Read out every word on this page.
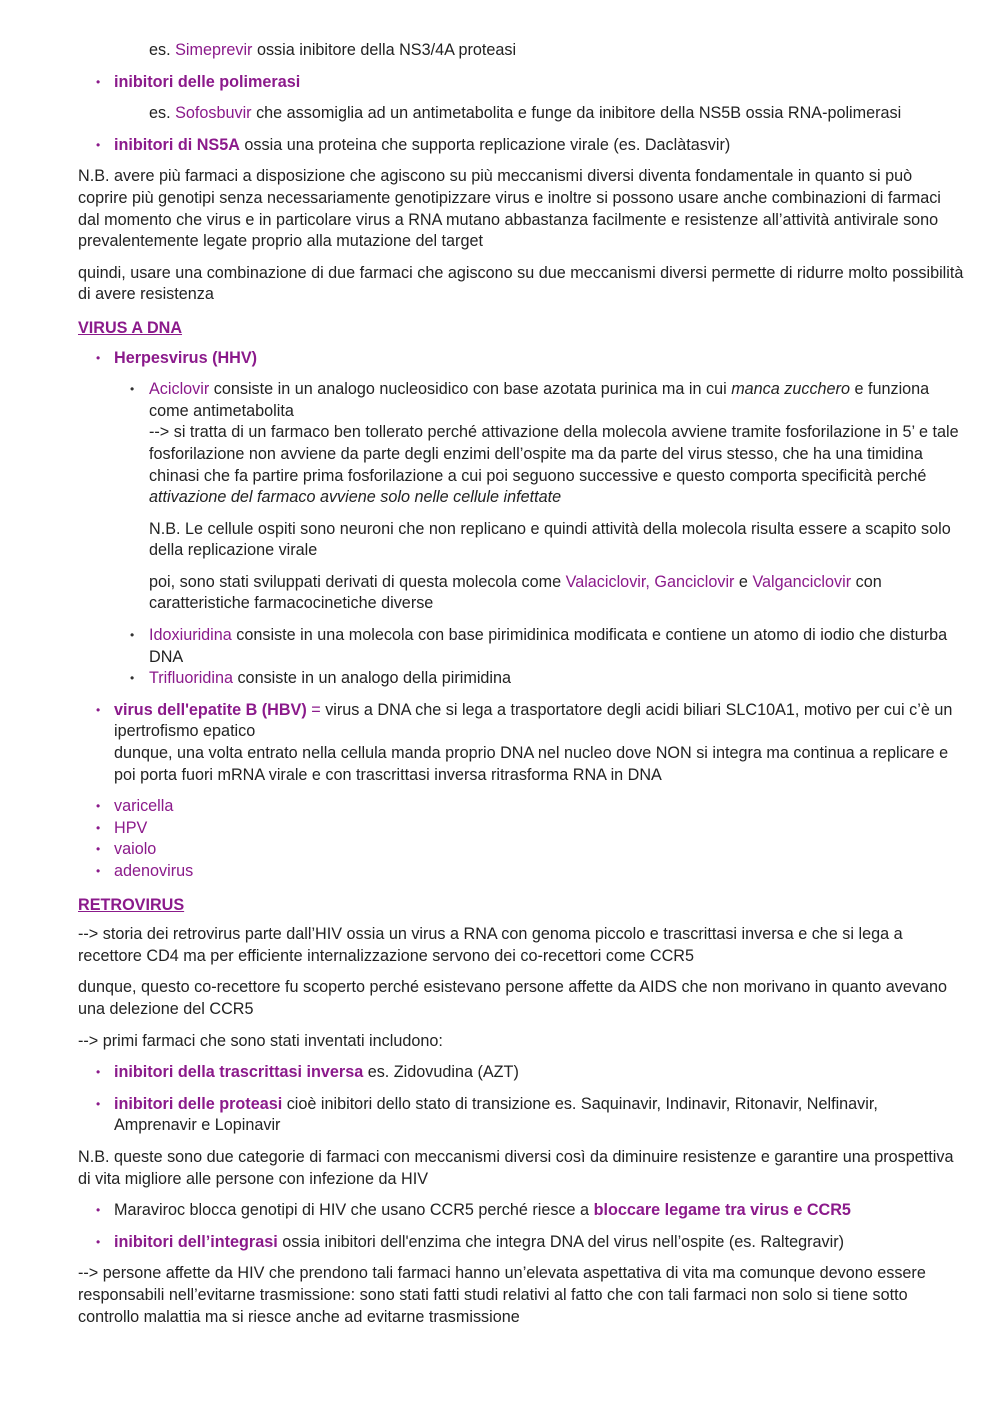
es. Simeprevir ossia inibitore della NS3/4A proteasi

• inibitori delle polimerasi

es. Sofosbuvir che assomiglia ad un antimetabolita e funge da inibitore della NS5B ossia RNA-polimerasi

• inibitori di NS5A ossia una proteina che supporta replicazione virale (es. Daclàtasvir)

N.B. avere più farmaci a disposizione che agiscono su più meccanismi diversi diventa fondamentale in quanto si può coprire più genotipi senza necessariamente genotipizzare virus e inoltre si possono usare anche combinazioni di farmaci dal momento che virus e in particolare virus a RNA mutano abbastanza facilmente e resistenze all’attività antivirale sono prevalentemente legate proprio alla mutazione del target

quindi, usare una combinazione di due farmaci che agiscono su due meccanismi diversi permette di ridurre molto possibilità di avere resistenza

VIRUS A DNA
• Herpesvirus (HHV)
• Aciclovir consiste in un analogo nucleosidico con base azotata purinica ma in cui manca zucchero e funziona come antimetabolita
--> si tratta di un farmaco ben tollerato perché attivazione della molecola avviene tramite fosforilazione in 5’ e tale fosforilazione non avviene da parte degli enzimi dell’ospite ma da parte del virus stesso, che ha una timidina chinasi che fa partire prima fosforilazione a cui poi seguono successive e questo comporta specificità perché attivazione del farmaco avviene solo nelle cellule infettate

N.B. Le cellule ospiti sono neuroni che non replicano e quindi attività della molecola risulta essere a scapito solo della replicazione virale

poi, sono stati sviluppati derivati di questa molecola come Valaciclovir, Ganciclovir e Valganciclovir con caratteristiche farmacocinetiche diverse

• Idoxiuridina consiste in una molecola con base pirimidinica modificata e contiene un atomo di iodio che disturba DNA
• Trifluoridina consiste in un analogo della pirimidina
• virus dell'epatite B (HBV) = virus a DNA che si lega a trasportatore degli acidi biliari SLC10A1, motivo per cui c’è un ipertrofismo epatico
dunque, una volta entrato nella cellula manda proprio DNA nel nucleo dove NON si integra ma continua a replicare e poi porta fuori mRNA virale e con trascrittasi inversa ritrasforma RNA in DNA
• varicella
• HPV
• vaiolo
• adenovirus
RETROVIRUS

--> storia dei retrovirus parte dall’HIV ossia un virus a RNA con genoma piccolo e trascrittasi inversa e che si lega a recettore CD4 ma per efficiente internalizzazione servono dei co-recettori come CCR5

dunque, questo co-recettore fu scoperto perché esistevano persone affette da AIDS che non morivano in quanto avevano una delezione del CCR5

--> primi farmaci che sono stati inventati includono:

• inibitori della trascrittasi inversa es. Zidovudina (AZT)
• inibitori delle proteasi cioè inibitori dello stato di transizione es. Saquinavir, Indinavir, Ritonavir, Nelfinavir, Amprenavir e Lopinavir

N.B. queste sono due categorie di farmaci con meccanismi diversi così da diminuire resistenze e garantire una prospettiva di vita migliore alle persone con infezione da HIV

• Maraviroc blocca genotipi di HIV che usano CCR5 perché riesce a bloccare legame tra virus e CCR5
• inibitori dell’integrasi ossia inibitori dell'enzima che integra DNA del virus nell’ospite (es. Raltegravir)

--> persone affette da HIV che prendono tali farmaci hanno un’elevata aspettativa di vita ma comunque devono essere responsabili nell’evitarne trasmissione: sono stati fatti studi relativi al fatto che con tali farmaci non solo si tiene sotto controllo malattia ma si riesce anche ad evitarne trasmissione
